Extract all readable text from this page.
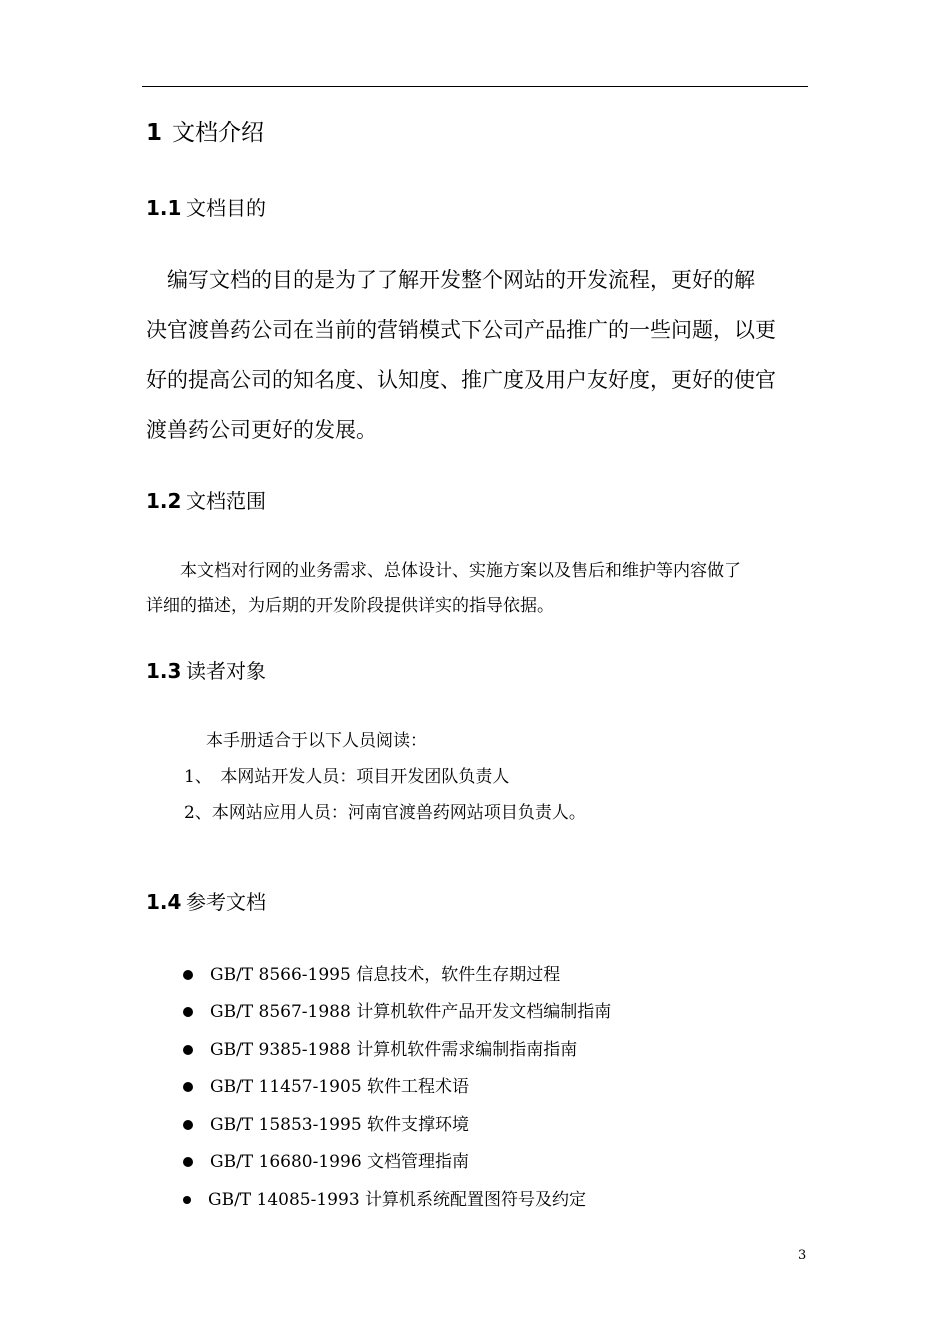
1 文档介绍
1.1 文档目的
　编写文档的目的是为了了解开发整个网站的开发流程，更好的解
决官渡兽药公司在当前的营销模式下公司产品推广的一些问题，以更
好的提高公司的知名度、认知度、推广度及用户友好度，更好的使官
渡兽药公司更好的发展。
1.2 文档范围
　　本文档对行网的业务需求、总体设计、实施方案以及售后和维护等内容做了
详细的描述，为后期的开发阶段提供详实的指导依据。
1.3 读者对象
本手册适合于以下人员阅读：
1、　本网站开发人员：项目开发团队负责人
2、本网站应用人员：河南官渡兽药网站项目负责人。
1.4 参考文档
GB/T 8566-1995 信息技术，软件生存期过程
GB/T 8567-1988 计算机软件产品开发文档编制指南
GB/T 9385-1988 计算机软件需求编制指南指南
GB/T 11457-1905 软件工程术语
GB/T 15853-1995 软件支撑环境
GB/T 16680-1996 文档管理指南
GB/T 14085-1993 计算机系统配置图符号及约定
3
